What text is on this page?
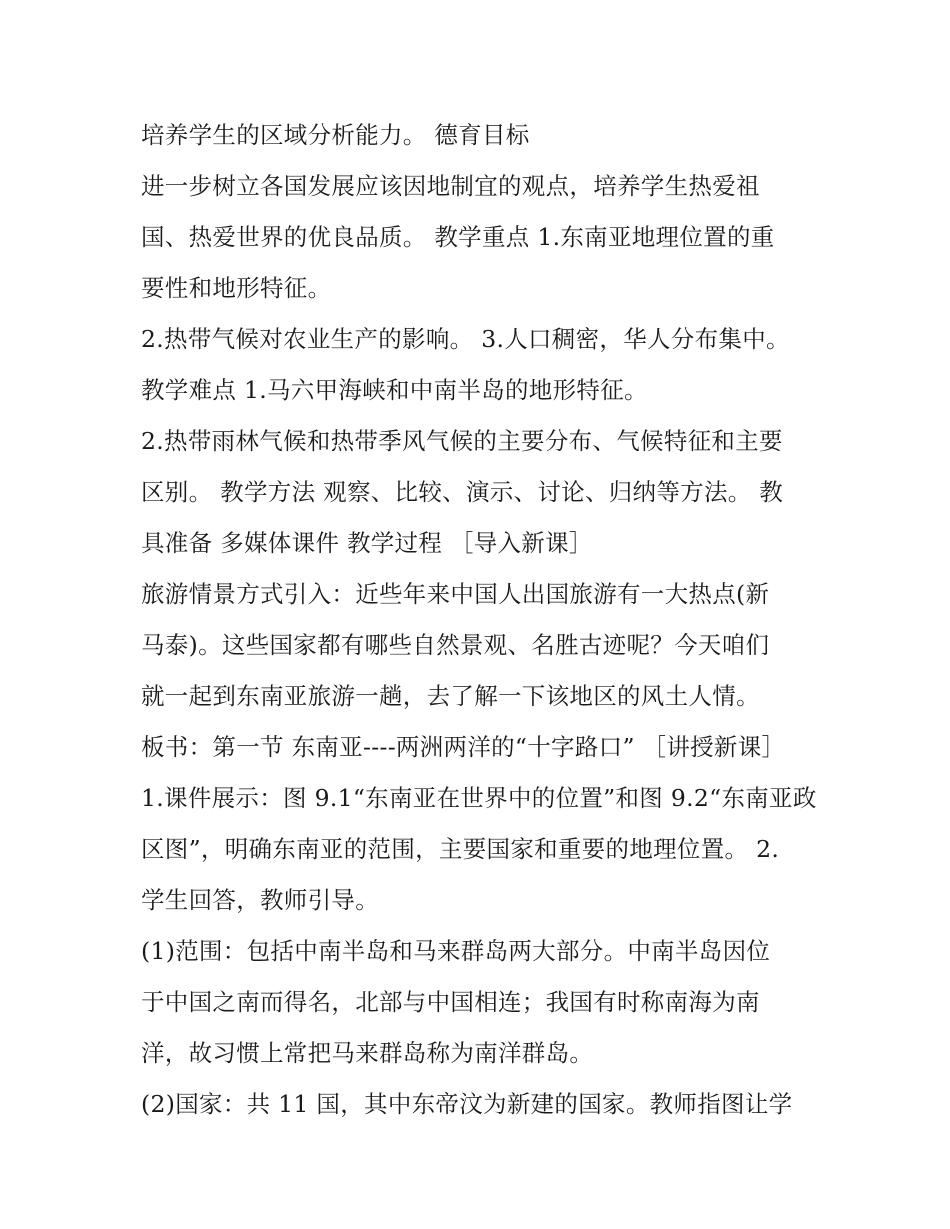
培养学生的区域分析能力。 德育目标
进一步树立各国发展应该因地制宜的观点，培养学生热爱祖
国、热爱世界的优良品质。 教学重点 1.东南亚地理位置的重
要性和地形特征。
2.热带气候对农业生产的影响。 3.人口稠密，华人分布集中。
教学难点 1.马六甲海峡和中南半岛的地形特征。
2.热带雨林气候和热带季风气候的主要分布、气候特征和主要
区别。 教学方法 观察、比较、演示、讨论、归纳等方法。 教
具准备 多媒体课件 教学过程 ［导入新课］
旅游情景方式引入：近些年来中国人出国旅游有一大热点(新
马泰)。这些国家都有哪些自然景观、名胜古迹呢？今天咱们
就一起到东南亚旅游一趟，去了解一下该地区的风土人情。
板书：第一节 东南亚----两洲两洋的“十字路口” ［讲授新课］
1.课件展示：图 9.1“东南亚在世界中的位置”和图 9.2“东南亚政
区图”，明确东南亚的范围，主要国家和重要的地理位置。 2.
学生回答，教师引导。
(1)范围：包括中南半岛和马来群岛两大部分。中南半岛因位
于中国之南而得名，北部与中国相连；我国有时称南海为南
洋，故习惯上常把马来群岛称为南洋群岛。
(2)国家：共 11 国，其中东帝汶为新建的国家。教师指图让学
